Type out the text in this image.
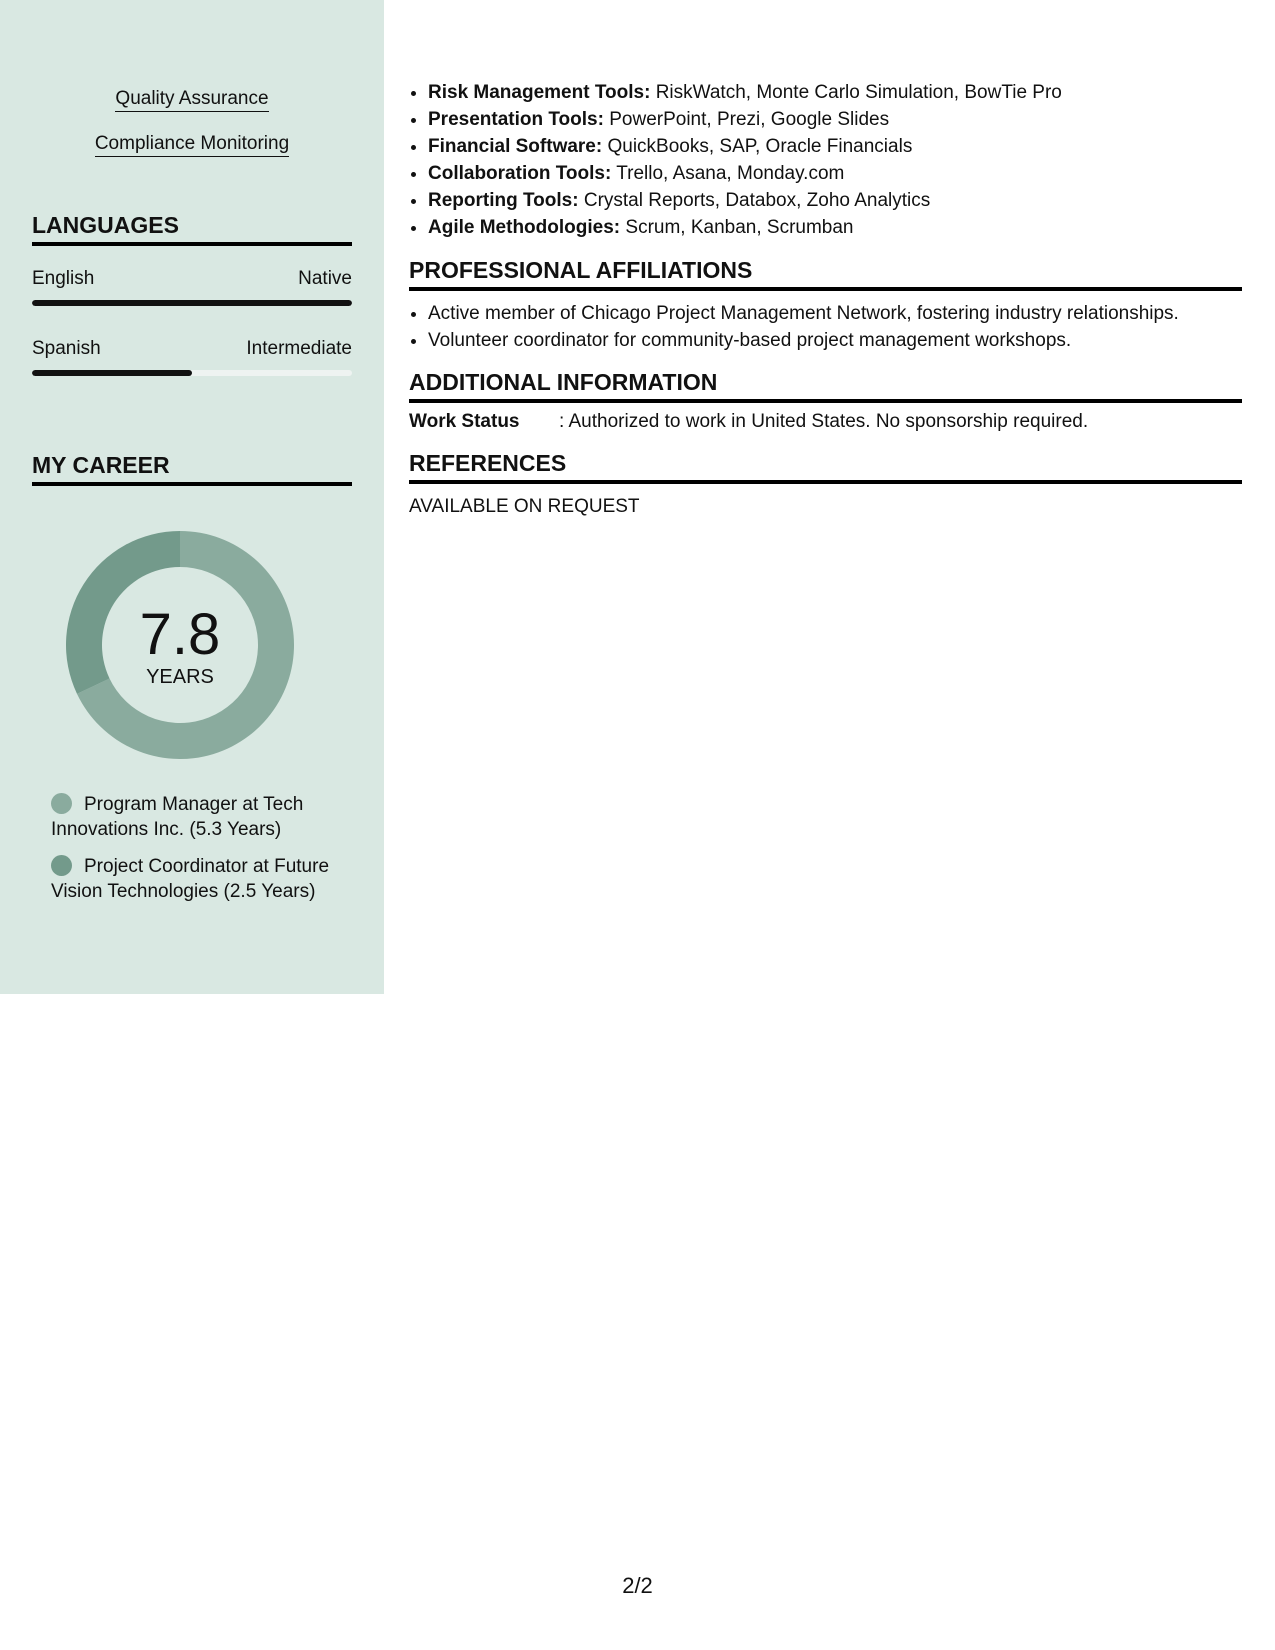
Quality Assurance
Compliance Monitoring
LANGUAGES
English	Native
Spanish	Intermediate
MY CAREER
7.8
YEARS
Program Manager at Tech Innovations Inc. (5.3 Years)
Project Coordinator at Future Vision Technologies (2.5 Years)
• Risk Management Tools: RiskWatch, Monte Carlo Simulation, BowTie Pro
• Presentation Tools: PowerPoint, Prezi, Google Slides
• Financial Software: QuickBooks, SAP, Oracle Financials
• Collaboration Tools: Trello, Asana, Monday.com
• Reporting Tools: Crystal Reports, Databox, Zoho Analytics
• Agile Methodologies: Scrum, Kanban, Scrumban
PROFESSIONAL AFFILIATIONS
• Active member of Chicago Project Management Network, fostering industry relationships.
• Volunteer coordinator for community-based project management workshops.
ADDITIONAL INFORMATION
Work Status : Authorized to work in United States. No sponsorship required.
REFERENCES
AVAILABLE ON REQUEST
2/2
